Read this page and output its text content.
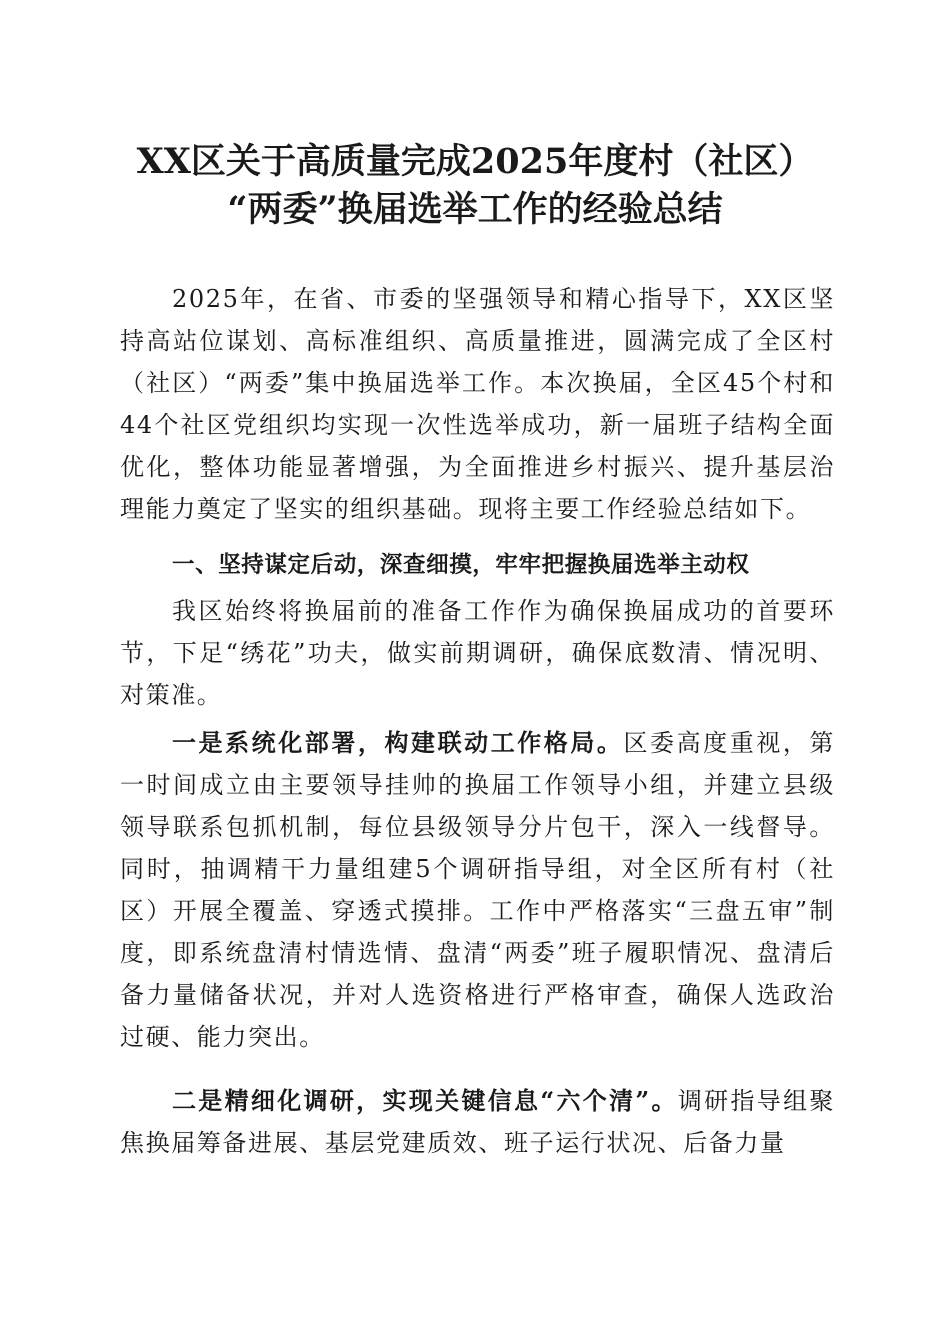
XX区关于高质量完成2025年度村（社区）
“两委”换届选举工作的经验总结

2025年，在省、市委的坚强领导和精心指导下，XX区坚持高站位谋划、高标准组织、高质量推进，圆满完成了全区村（社区）“两委”集中换届选举工作。本次换届，全区45个村和44个社区党组织均实现一次性选举成功，新一届班子结构全面优化，整体功能显著增强，为全面推进乡村振兴、提升基层治理能力奠定了坚实的组织基础。现将主要工作经验总结如下。

一、坚持谋定后动，深查细摸，牢牢把握换届选举主动权

我区始终将换届前的准备工作作为确保换届成功的首要环节，下足“绣花”功夫，做实前期调研，确保底数清、情况明、对策准。

一是系统化部署，构建联动工作格局。区委高度重视，第一时间成立由主要领导挂帅的换届工作领导小组，并建立县级领导联系包抓机制，每位县级领导分片包干，深入一线督导。同时，抽调精干力量组建5个调研指导组，对全区所有村（社区）开展全覆盖、穿透式摸排。工作中严格落实“三盘五审”制度，即系统盘清村情选情、盘清“两委”班子履职情况、盘清后备力量储备状况，并对人选资格进行严格审查，确保人选政治过硬、能力突出。

二是精细化调研，实现关键信息“六个清”。调研指导组聚焦换届筹备进展、基层党建质效、班子运行状况、后备力量
